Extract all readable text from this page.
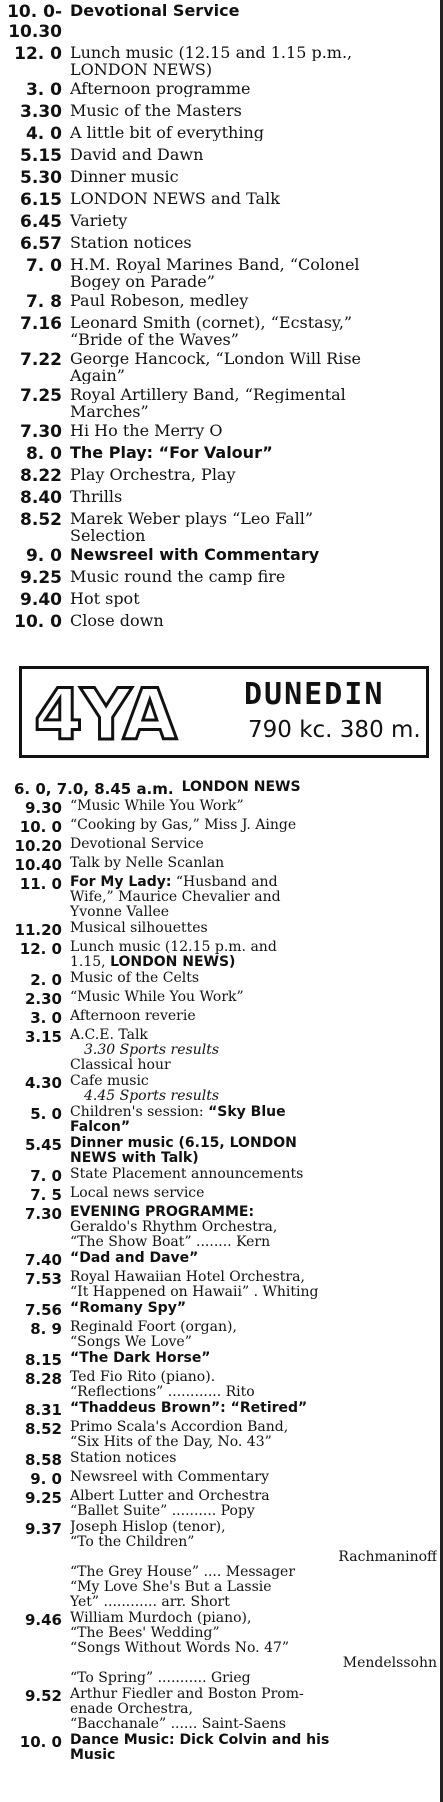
10. 0-10.30
Devotional Service
12. 0 Lunch music (12.15 and 1.15 p.m.,
LONDON NEWS)
3. 0 Afternoon programme
3.30 Music of the Masters
4. 0 A little bit of everything
5.15 David and Dawn
5.30 Dinner music
6.15 LONDON NEWS and Talk
6.45 Variety
6.57 Station notices
7. 0 H.M. Royal Marines Band, “Colonel
Bogey on Parade”
7. 8 Paul Robeson, medley
7.16 Leonard Smith (cornet), “Ecstasy,”
“Bride of the Waves”
7.22 George Hancock, “London Will Rise
Again”
7.25 Royal Artillery Band, “Regimental
Marches”
7.30 Hi Ho the Merry O
8. 0 The Play: “For Valour”
8.22 Play Orchestra, Play
8.40 Thrills
8.52 Marek Weber plays “Leo Fall”
Selection
9. 0 Newsreel with Commentary
9.25 Music round the camp fire
9.40 Hot spot
10. 0 Close down
4YA DUNEDIN
790 kc. 380 m.
6. 0, 7.0, 8.45 a.m. LONDON NEWS
9.30 “Music While You Work”
10. 0 “Cooking by Gas,” Miss J. Ainge
10.20 Devotional Service
10.40 Talk by Nelle Scanlan
11. 0 For My Lady: “Husband and
Wife,” Maurice Chevalier and
Yvonne Vallee
11.20 Musical silhouettes
12. 0 Lunch music (12.15 p.m. and
1.15, LONDON NEWS)
2. 0 Music of the Celts
2.30 “Music While You Work”
3. 0 Afternoon reverie
3.15 A.C.E. Talk
3.30 Sports results
Classical hour
4.30 Cafe music
4.45 Sports results
5. 0 Children's session: “Sky Blue
Falcon”
5.45 Dinner music (6.15, LONDON
NEWS with Talk)
7. 0 State Placement announcements
7. 5 Local news service
7.30 EVENING PROGRAMME:
Geraldo's Rhythm Orchestra,
“The Show Boat” ........ Kern
7.40 “Dad and Dave”
7.53 Royal Hawaiian Hotel Orchestra,
“It Happened on Hawaii” . Whiting
7.56 “Romany Spy”
8. 9 Reginald Foort (organ),
“Songs We Love”
8.15 “The Dark Horse”
8.28 Ted Fio Rito (piano).
“Reflections” ............ Rito
8.31 “Thaddeus Brown”: “Retired”
8.52 Primo Scala's Accordion Band,
“Six Hits of the Day, No. 43”
8.58 Station notices
9. 0 Newsreel with Commentary
9.25 Albert Lutter and Orchestra
“Ballet Suite” .......... Popy
9.37 Joseph Hislop (tenor),
“To the Children”
Rachmaninoff
“The Grey House” .... Messager
“My Love She's But a Lassie
Yet” ............ arr. Short
9.46 William Murdoch (piano),
“The Bees' Wedding”
“Songs Without Words No. 47”
Mendelssohn
“To Spring” ........... Grieg
9.52 Arthur Fiedler and Boston Prom-
enade Orchestra,
“Bacchanale” ...... Saint-Saens
10. 0 Dance Music: Dick Colvin and his
Music
